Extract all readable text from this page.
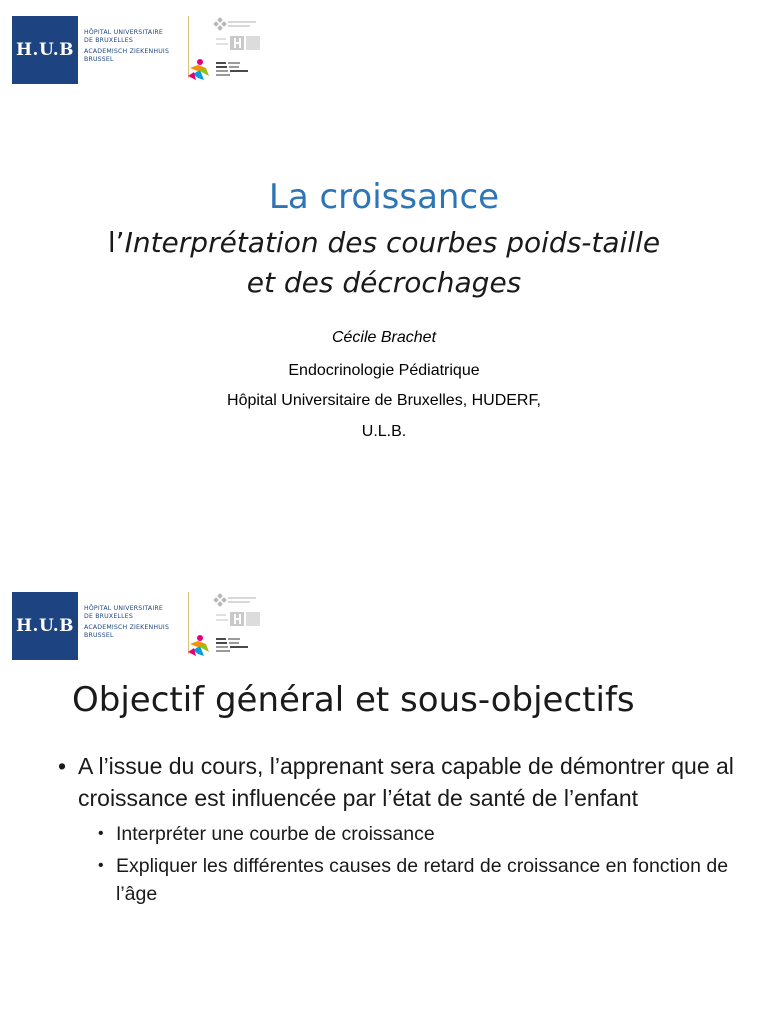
H.U.B
HÔPITAL UNIVERSITAIRE
DE BRUXELLES
ACADEMISCH ZIEKENHUIS
BRUSSEL
La croissance
l’Interprétation des courbes poids-taille
et des décrochages
Cécile Brachet
Endocrinologie Pédiatrique
Hôpital Universitaire de Bruxelles, HUDERF,
U.L.B.
H.U.B
HÔPITAL UNIVERSITAIRE
DE BRUXELLES
ACADEMISCH ZIEKENHUIS
BRUSSEL
Objectif général et sous-objectifs
• A l’issue du cours, l’apprenant sera capable de démontrer que al croissance est influencée par l’état de santé de l’enfant
• Interpréter une courbe de croissance
• Expliquer les différentes causes de retard de croissance en fonction de l’âge
